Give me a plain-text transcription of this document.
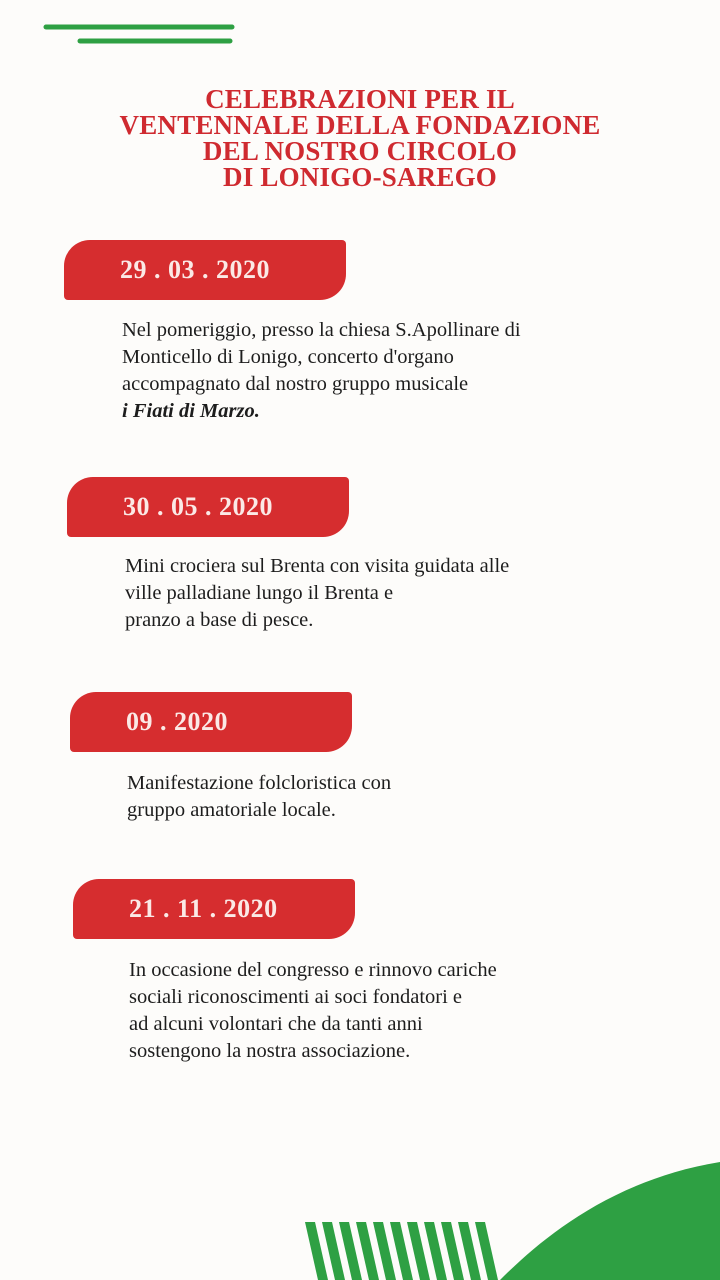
CELEBRAZIONI PER IL
VENTENNALE DELLA FONDAZIONE
DEL NOSTRO CIRCOLO
DI LONIGO-SAREGO
29 . 03 . 2020
Nel pomeriggio, presso la chiesa S.Apollinare di
Monticello di Lonigo, concerto d'organo
accompagnato dal nostro gruppo musicale
i Fiati di Marzo.
30 . 05 . 2020
Mini crociera sul Brenta con visita guidata alle
ville palladiane lungo il Brenta e
pranzo a base di pesce.
09 . 2020
Manifestazione folcloristica con
gruppo amatoriale locale.
21 . 11 . 2020
In occasione del congresso e rinnovo cariche
sociali riconoscimenti ai soci fondatori e
ad alcuni volontari che da tanti anni
sostengono la nostra associazione.
